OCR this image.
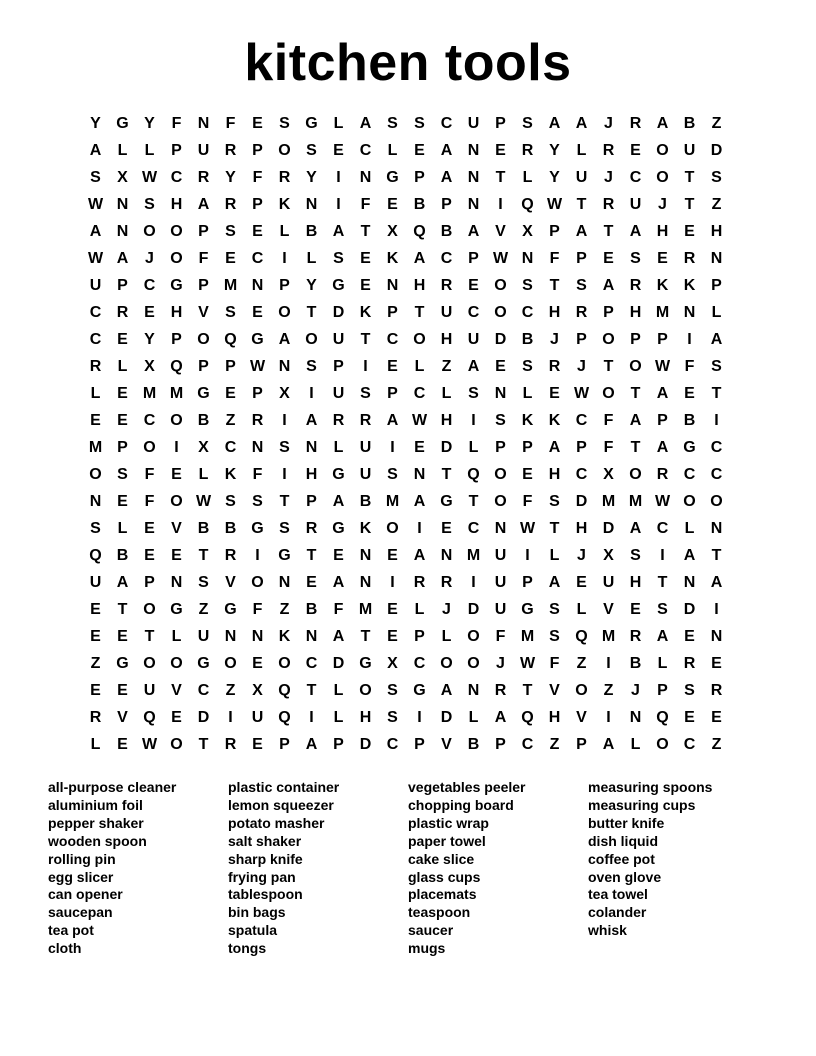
kitchen tools
Y G Y	F	N	F	E	S G L	A S	S C U P	S A A	J	R A B	Z
A	L	L	P U R P O S	E C	L	E A N E R Y	L	R E O U D
S	X W C R Y	F	R Y	I	N G P A N	T	L	Y U	J	C O T	S
W N S H A R P K N	I	F	E B P N	I	Q W T	R U	J	T	Z
A N O O P	S	E	L	B A	T	X Q B A V	X	P A	T	A H E H
W A	J	O F	E C	I	L	S	E K A C P W N	F	P	E	S	E R N
U P C G P M N P	Y G E N H R E O S	T	S A R K K P
C R E H V	S	E O T	D K P	T	U C O C H R P H M N	L
C E	Y	P O Q G A O U	T	C O H U D B	J	P O P	P	I	A
R	L	X Q P	P W N S	P	I	E	L	Z	A E	S R	J	T O W F	S
L	E M M G E	P	X	I	U S	P C	L	S N	L	E W O T	A E	T
E	E C O B	Z	R	I	A R R A W H	I	S K K C	F	A P B	I
M P O	I	X C N S N	L	U	I	E D	L	P	P A P	F	T	A G C
O S	F	E	L	K	F	I	H G U S N	T Q O E H C X O R C C
N E	F O W S	S	T	P A B M A G T O F	S D M M W O O
S	L	E	V B B G S R G K O	I	E C N W T	H D A C	L	N
Q B E	E	T	R	I	G T	E N E A N M U	I	L	J	X	S	I	A	T
U A P N S	V O N E A N	I	R R	I	U P A E U H	T	N A
E	T O G Z G F	Z	B	F M E	L	J	D U G S	L	V	E	S D	I
E	E	T	L	U N N K N A	T	E	P	L O F M S Q M R A E N
Z G O O G O E O C D G X C O O	J W F	Z	I	B	L	R E
E	E U V C	Z	X Q T	L O S G A N R	T	V O Z	J	P	S R
R V Q E D	I	U Q	I	L	H S	I	D	L	A Q H V	I	N Q E	E
L	E W O T	R E	P A P D C P	V B P C	Z	P A	L O C	Z
all-purpose cleaner
aluminium foil
pepper shaker
wooden spoon
rolling pin
egg slicer
can opener
saucepan
tea pot
cloth
plastic container
lemon squeezer
potato masher
salt shaker
sharp knife
frying pan
tablespoon
bin bags
spatula
tongs
vegetables peeler
chopping board
plastic wrap
paper towel
cake slice
glass cups
placemats
teaspoon
saucer
mugs
measuring spoons
measuring cups
butter knife
dish liquid
coffee pot
oven glove
tea towel
colander
whisk
